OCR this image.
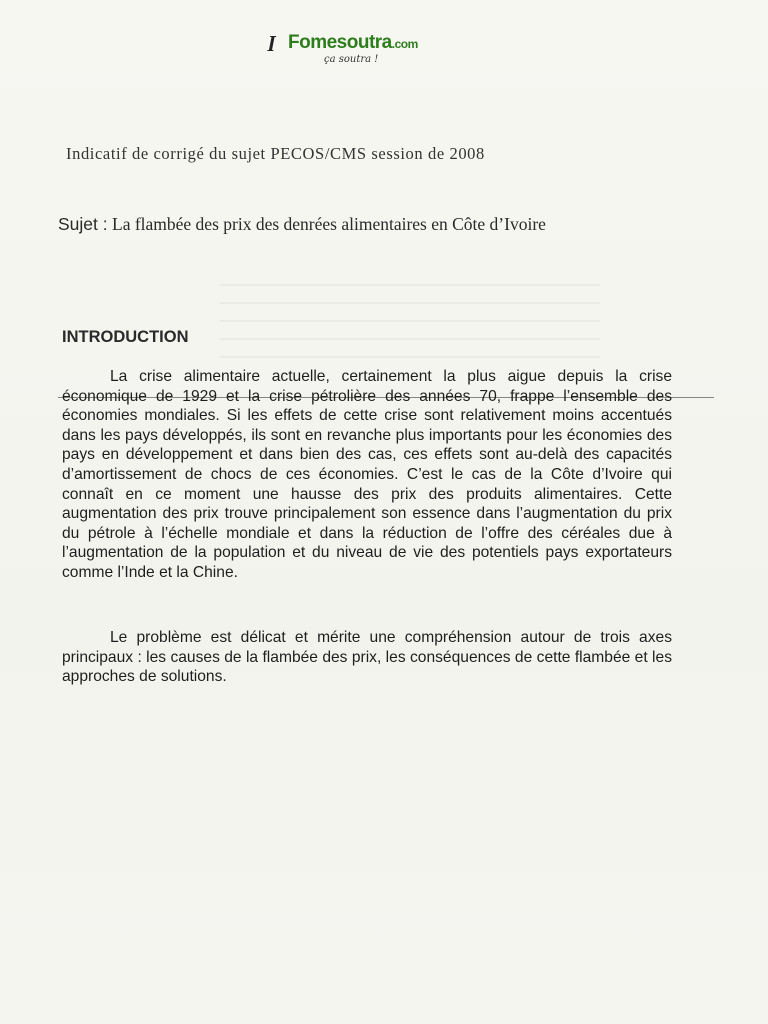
ꟾ Fomesoutra.com
ça soutra !
Indicatif de corrigé du sujet PECOS/CMS session de 2008
Sujet : La flambée des prix des denrées alimentaires en Côte d’Ivoire
INTRODUCTION

La crise alimentaire actuelle, certainement la plus aigue depuis la crise économique de 1929 et la crise pétrolière des années 70, frappe l’ensemble des économies mondiales. Si les effets de cette crise sont relativement moins accentués dans les pays développés, ils sont en revanche plus importants pour les économies des pays en développement et dans bien des cas, ces effets sont au-delà des capacités d’amortissement de chocs de ces économies. C’est le cas de la Côte d’Ivoire qui connaît en ce moment une hausse des prix des produits alimentaires. Cette augmentation des prix trouve principalement son essence dans l’augmentation du prix du pétrole à l’échelle mondiale et dans la réduction de l’offre des céréales due à l’augmentation de la population et du niveau de vie des potentiels pays exportateurs comme l’Inde et la Chine.

Le problème est délicat et mérite une compréhension autour de trois axes principaux : les causes de la flambée des prix, les conséquences de cette flambée et les approches de solutions.
